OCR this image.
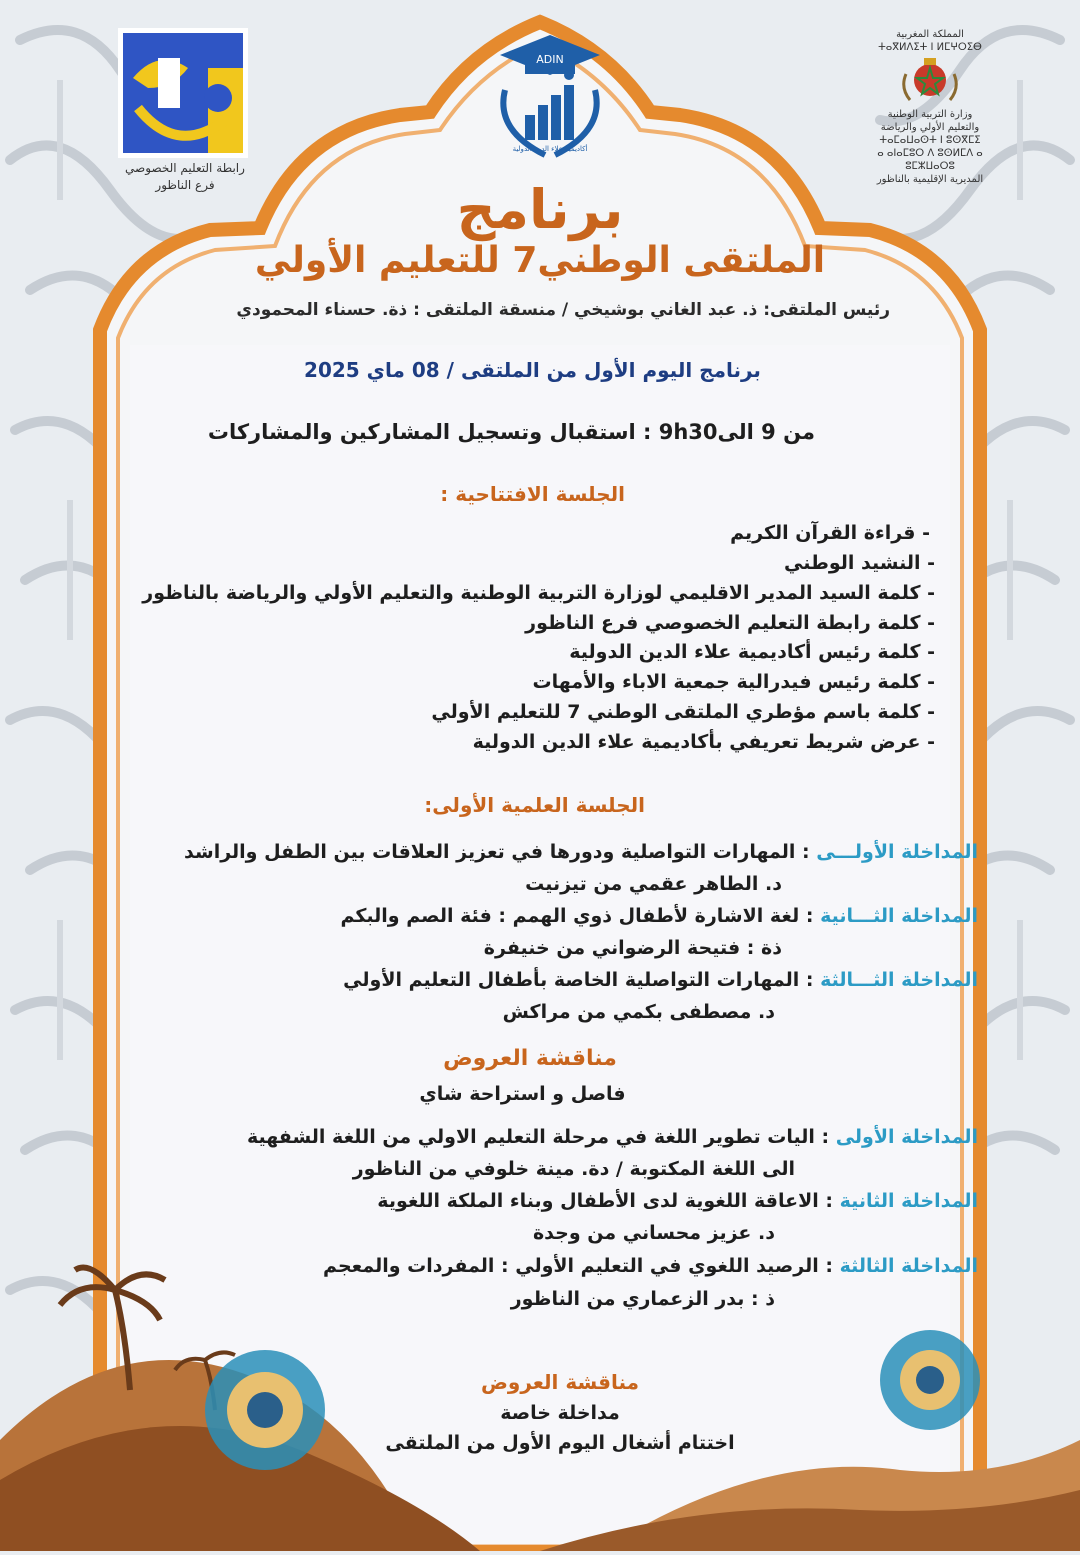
رابطة التعليم الخصوصي
فرع الناظور
ADIN
أكاديمية علاء الدين الدولية
المملكة المغربية
ⵜⴰⴳⵍⴷⵉⵜ ⵏ ⵍⵎⵖⵔⵉⴱ
وزارة التربية الوطنية
والتعليم الأولي والرياضة
ⵜⴰⵎⴰⵡⴰⵙⵜ ⵏ ⵓⵙⴳⵎⵉ
ⴰ ⴰⵏⴰⵎⵓⵔ ⴷ ⵓⵙⵍⵎⴷ ⴰ ⵓⵎⵣⵡⴰⵔⵓ
المديرية الإقليمية بالناظور
برنامج
الملتقى الوطني7 للتعليم الأولي
رئيس الملتقى: ذ. عبد الغاني بوشيخي / منسقة الملتقى : ذة. حسناء المحمودي
برنامج اليوم الأول من الملتقى / 08 ماي 2025
من 9 الى9h30 : استقبال وتسجيل المشاركين والمشاركات
الجلسة الافتتاحية :
- قراءة القرآن الكريم
- النشيد الوطني
- كلمة السيد المدير الاقليمي لوزارة التربية الوطنية والتعليم الأولي والرياضة بالناظور
- كلمة رابطة التعليم الخصوصي فرع الناظور
- كلمة رئيس أكاديمية علاء الدين الدولية
- كلمة رئيس فيدرالية جمعية الاباء والأمهات
- كلمة باسم مؤطري الملتقى الوطني 7 للتعليم الأولي
- عرض شريط تعريفي بأكاديمية علاء الدين الدولية
الجلسة العلمية الأولى:
المداخلة الأولـــى : المهارات التواصلية ودورها في تعزيز العلاقات بين الطفل والراشد
د. الطاهر عقمي من تيزنيت
المداخلة الثـــانية : لغة الاشارة لأطفال ذوي الهمم : فئة الصم والبكم
ذة : فتيحة الرضواني من خنيفرة
المداخلة الثـــالثة : المهارات التواصلية الخاصة بأطفال التعليم الأولي
د. مصطفى بكمي من مراكش
مناقشة العروض
فاصل و استراحة شاي
المداخلة الأولى : اليات تطوير اللغة في مرحلة التعليم الاولي من اللغة الشفهية
الى اللغة المكتوبة / دة. مينة خلوفي من الناظور
المداخلة الثانية : الاعاقة اللغوية لدى الأطفال وبناء الملكة اللغوية
د. عزيز محساني من وجدة
المداخلة الثالثة : الرصيد اللغوي في التعليم الأولي : المفردات والمعجم
ذ : بدر الزعماري من الناظور
مناقشة العروض
مداخلة خاصة
اختتام أشغال اليوم الأول من الملتقى
